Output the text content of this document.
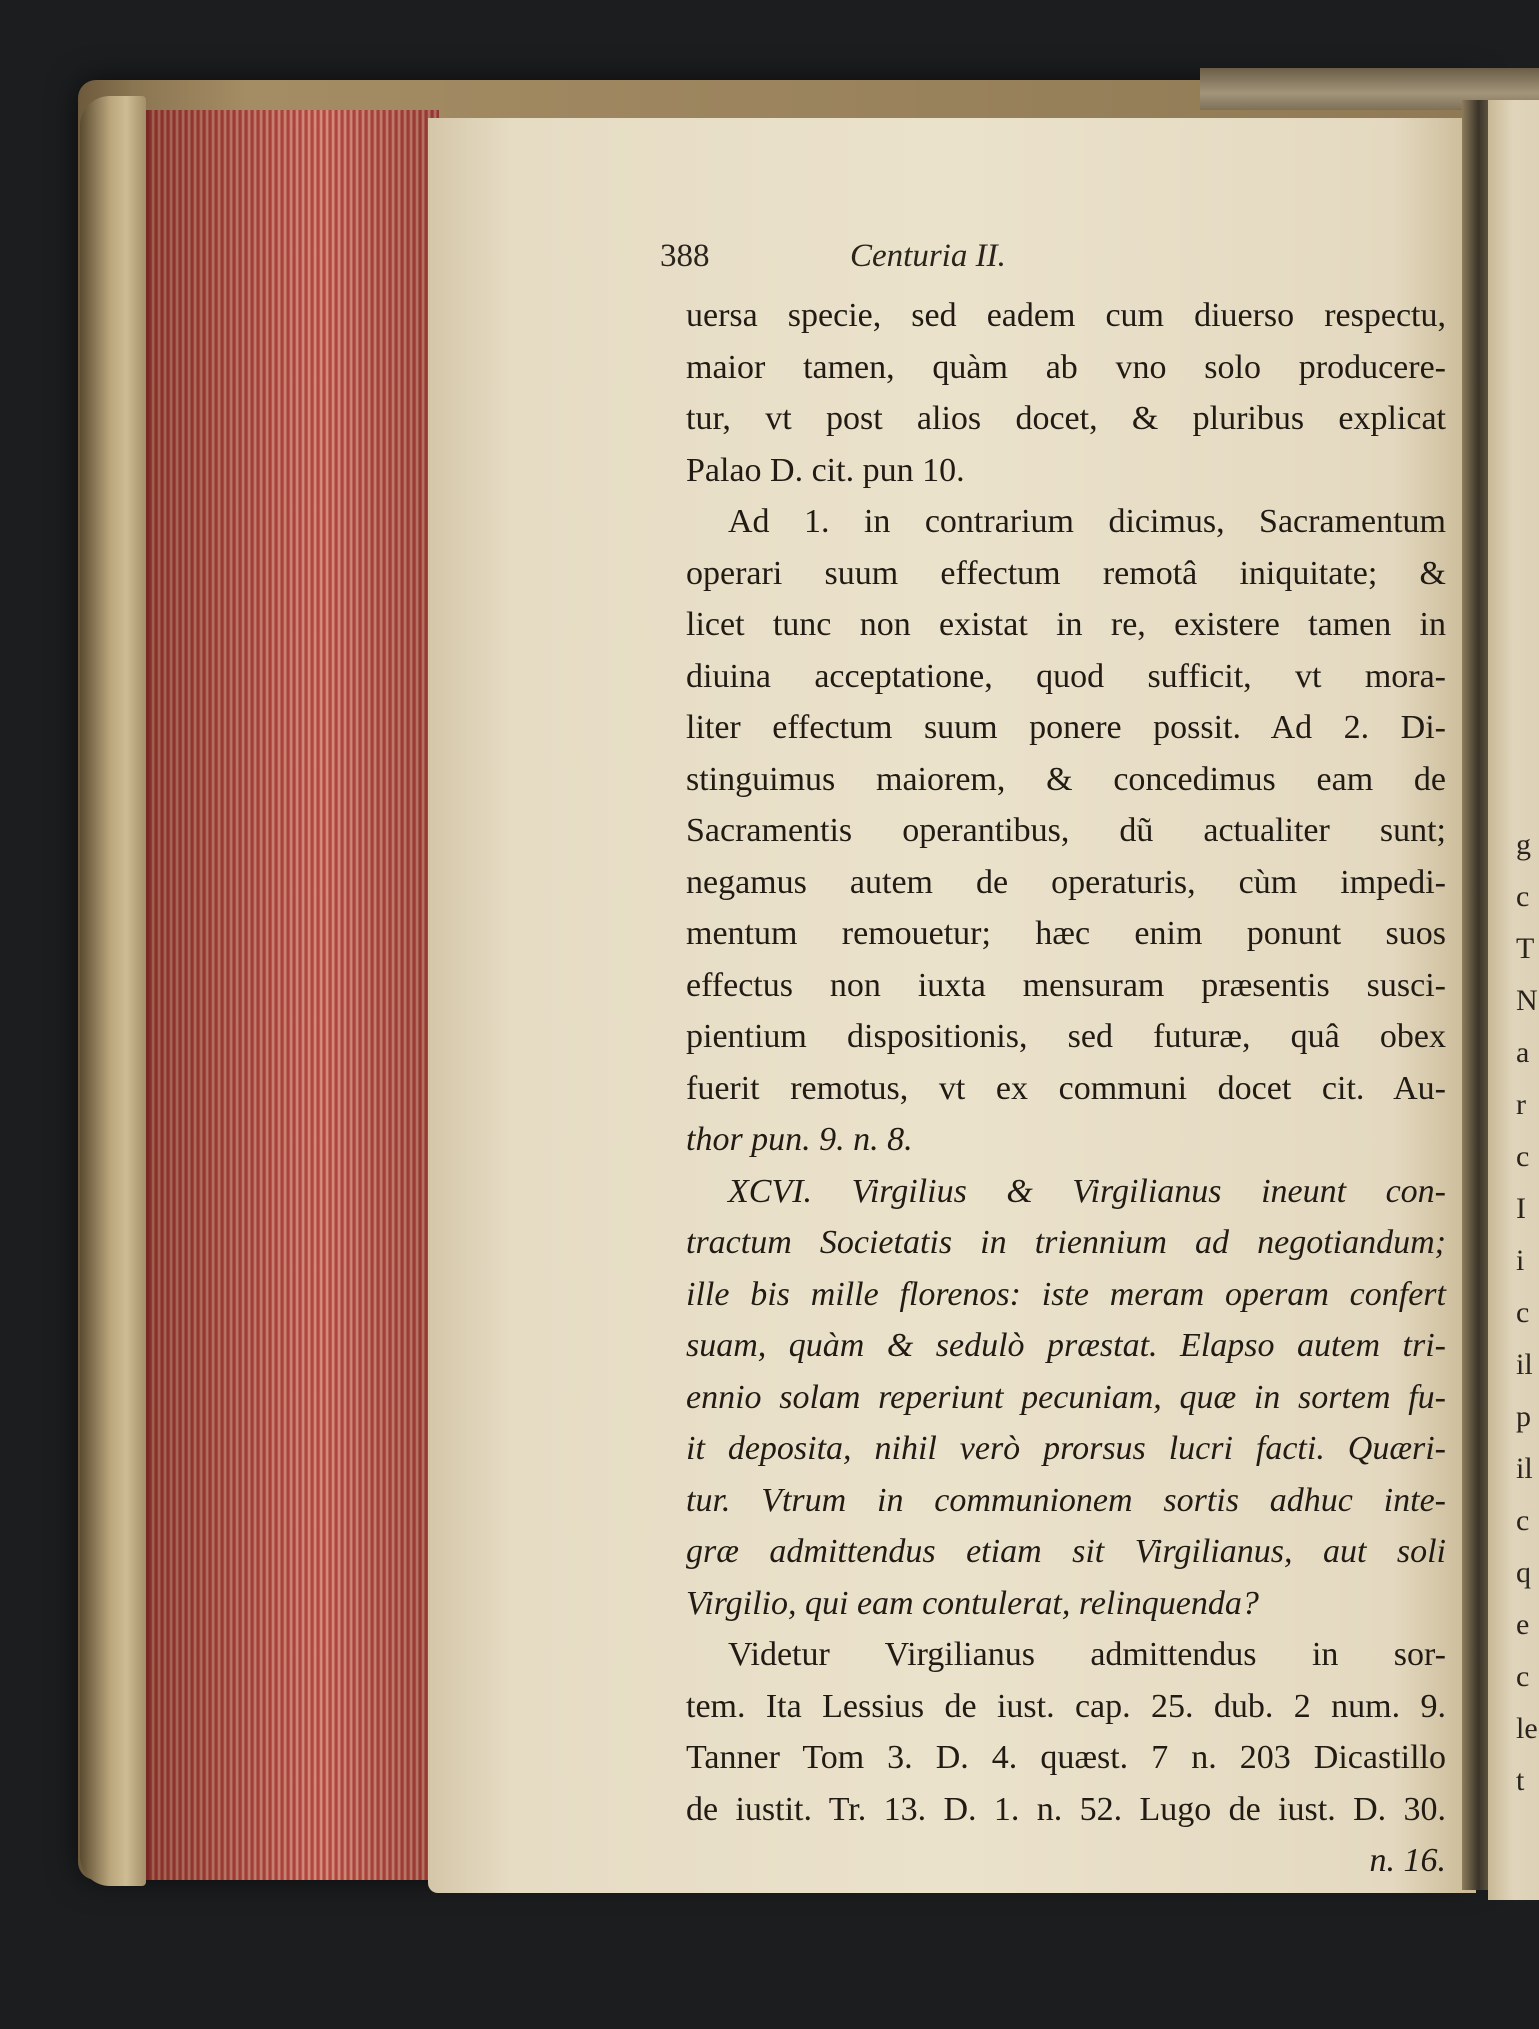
388	Centuria II.
uersa specie, sed eadem cum diuerso respectu,
maior tamen, quàm ab vno solo producere-
tur, vt post alios docet, & pluribus explicat
Palao D. cit. pun 10.
Ad 1. in contrarium dicimus, Sacramentum
operari suum effectum remotâ iniquitate; &
licet tunc non existat in re, existere tamen in
diuina acceptatione, quod sufficit, vt mora-
liter effectum suum ponere possit. Ad 2. Di-
stinguimus maiorem, & concedimus eam de
Sacramentis operantibus, dũ actualiter sunt;
negamus autem de operaturis, cùm impedi-
mentum remouetur; hæc enim ponunt suos
effectus non iuxta mensuram præsentis susci-
pientium dispositionis, sed futuræ, quâ obex
fuerit remotus, vt ex communi docet cit. Au-
thor pun. 9. n. 8.
XCVI. Virgilius & Virgilianus ineunt con-
tractum Societatis in triennium ad negotiandum;
ille bis mille florenos: iste meram operam confert
suam, quàm & sedulò præstat. Elapso autem tri-
ennio solam reperiunt pecuniam, quæ in sortem fu-
it deposita, nihil verò prorsus lucri facti. Quæri-
tur. Vtrum in communionem sortis adhuc inte-
græ admittendus etiam sit Virgilianus, aut soli
Virgilio, qui eam contulerat, relinquenda?
Videtur Virgilianus admittendus in sor-
tem. Ita Lessius de iust. cap. 25. dub. 2 num. 9.
Tanner Tom 3. D. 4. quæst. 7 n. 203 Dicastillo
de iustit. Tr. 13. D. 1. n. 52. Lugo de iust. D. 30.
n. 16.
g
c
T
N
a
r
c
I
i
c
il
p
il
c
q
e
c
le
t
